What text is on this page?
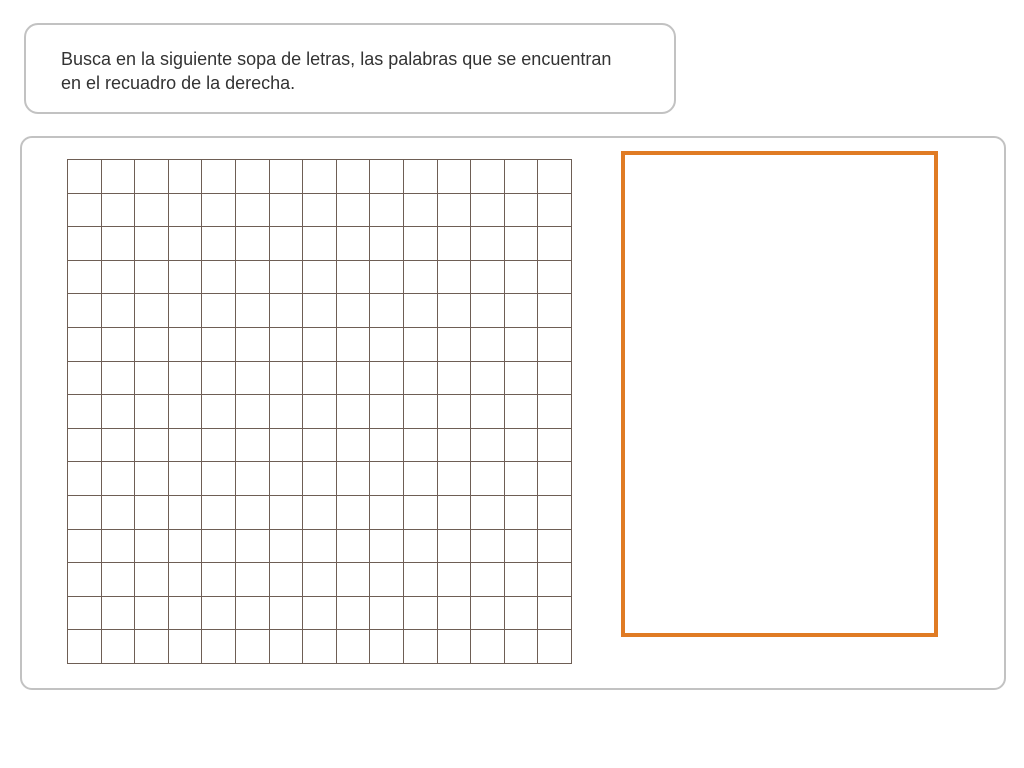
Busca en la siguiente sopa de letras, las palabras que se encuentran en el recuadro de la derecha.
